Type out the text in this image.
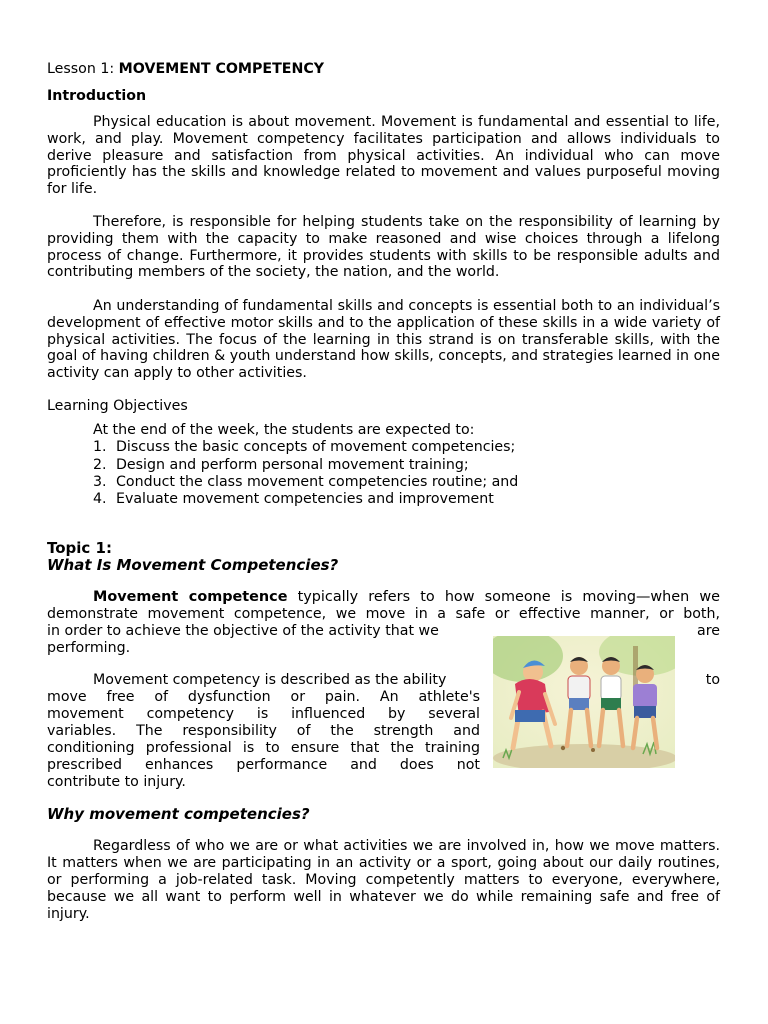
Lesson 1: MOVEMENT COMPETENCY
Introduction
Physical education is about movement. Movement is fundamental and essential to life, work, and play. Movement competency facilitates participation and allows individuals to derive pleasure and satisfaction from physical activities. An individual who can move proficiently has the skills and knowledge related to movement and values purposeful moving for life.
Therefore, is responsible for helping students take on the responsibility of learning by providing them with the capacity to make reasoned and wise choices through a lifelong process of change. Furthermore, it provides students with skills to be responsible adults and contributing members of the society, the nation, and the world.
An understanding of fundamental skills and concepts is essential both to an individual’s development of effective motor skills and to the application of these skills in a wide variety of physical activities. The focus of the learning in this strand is on transferable skills, with the goal of having children & youth understand how skills, concepts, and strategies learned in one activity can apply to other activities.
Learning Objectives
At the end of the week, the students are expected to:
1. Discuss the basic concepts of movement competencies;
2. Design and perform personal movement training;
3. Conduct the class movement competencies routine; and
4. Evaluate movement competencies and improvement
Topic 1:
What Is Movement Competencies?
Movement competence typically refers to how someone is moving—when we
demonstrate movement competence, we move in a safe or effective manner, or both,
in order to achieve the objective of the activity that we	are
performing.
Movement competency is described as the ability	to
move free of dysfunction or pain. An athlete's
movement competency is influenced by several
variables. The responsibility of the strength and
conditioning professional is to ensure that the training
prescribed enhances performance and does not
contribute to injury.
Why movement competencies?
Regardless of who we are or what activities we are involved in, how we move matters. It matters when we are participating in an activity or a sport, going about our daily routines, or performing a job-related task. Moving competently matters to everyone, everywhere, because we all want to perform well in whatever we do while remaining safe and free of injury.
